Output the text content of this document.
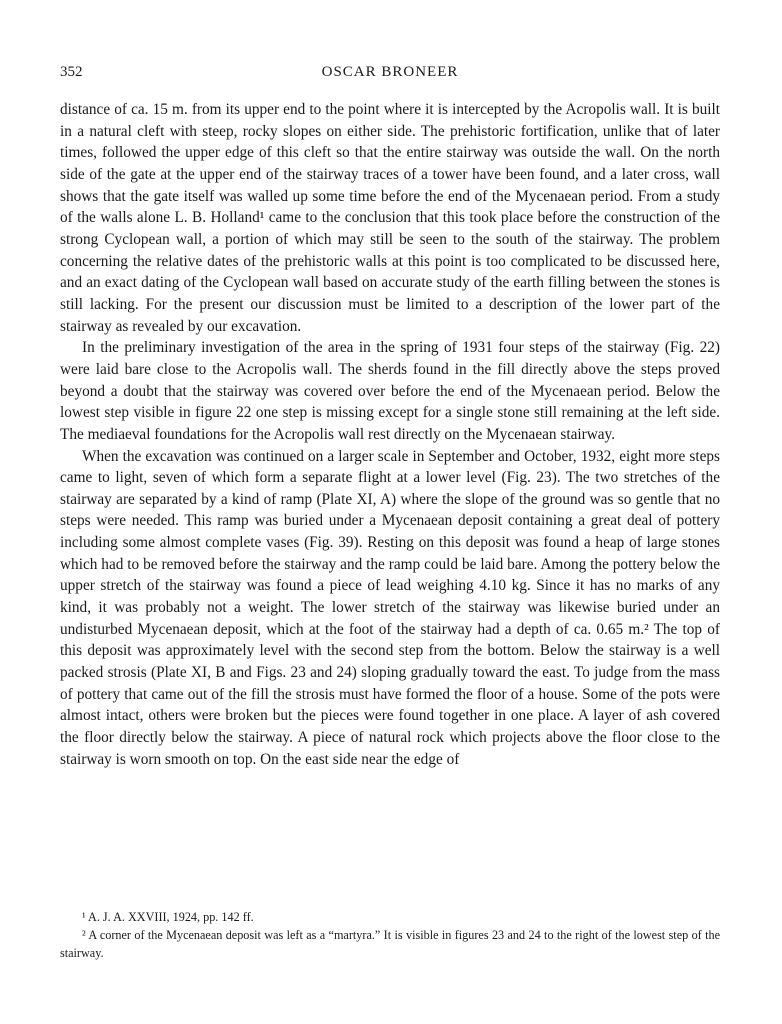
352	OSCAR BRONEER

distance of ca. 15 m. from its upper end to the point where it is intercepted by the Acropolis wall. It is built in a natural cleft with steep, rocky slopes on either side. The prehistoric fortification, unlike that of later times, followed the upper edge of this cleft so that the entire stairway was outside the wall. On the north side of the gate at the upper end of the stairway traces of a tower have been found, and a later cross, wall shows that the gate itself was walled up some time before the end of the Mycenaean period. From a study of the walls alone L. B. Holland¹ came to the conclusion that this took place before the construction of the strong Cyclopean wall, a portion of which may still be seen to the south of the stairway. The problem concerning the relative dates of the prehistoric walls at this point is too complicated to be discussed here, and an exact dating of the Cyclopean wall based on accurate study of the earth filling between the stones is still lacking. For the present our discussion must be limited to a description of the lower part of the stairway as revealed by our excavation.

In the preliminary investigation of the area in the spring of 1931 four steps of the stairway (Fig. 22) were laid bare close to the Acropolis wall. The sherds found in the fill directly above the steps proved beyond a doubt that the stairway was covered over before the end of the Mycenaean period. Below the lowest step visible in figure 22 one step is missing except for a single stone still remaining at the left side. The mediaeval foundations for the Acropolis wall rest directly on the Mycenaean stairway.

When the excavation was continued on a larger scale in September and October, 1932, eight more steps came to light, seven of which form a separate flight at a lower level (Fig. 23). The two stretches of the stairway are separated by a kind of ramp (Plate XI, A) where the slope of the ground was so gentle that no steps were needed. This ramp was buried under a Mycenaean deposit containing a great deal of pottery including some almost complete vases (Fig. 39). Resting on this deposit was found a heap of large stones which had to be removed before the stairway and the ramp could be laid bare. Among the pottery below the upper stretch of the stairway was found a piece of lead weighing 4.10 kg. Since it has no marks of any kind, it was probably not a weight. The lower stretch of the stairway was likewise buried under an undisturbed Mycenaean deposit, which at the foot of the stairway had a depth of ca. 0.65 m.² The top of this deposit was approximately level with the second step from the bottom. Below the stairway is a well packed strosis (Plate XI, B and Figs. 23 and 24) sloping gradually toward the east. To judge from the mass of pottery that came out of the fill the strosis must have formed the floor of a house. Some of the pots were almost intact, others were broken but the pieces were found together in one place. A layer of ash covered the floor directly below the stairway. A piece of natural rock which projects above the floor close to the stairway is worn smooth on top. On the east side near the edge of

¹ A. J. A. XXVIII, 1924, pp. 142 ff.

² A corner of the Mycenaean deposit was left as a “martyra.” It is visible in figures 23 and 24 to the right of the lowest step of the stairway.
